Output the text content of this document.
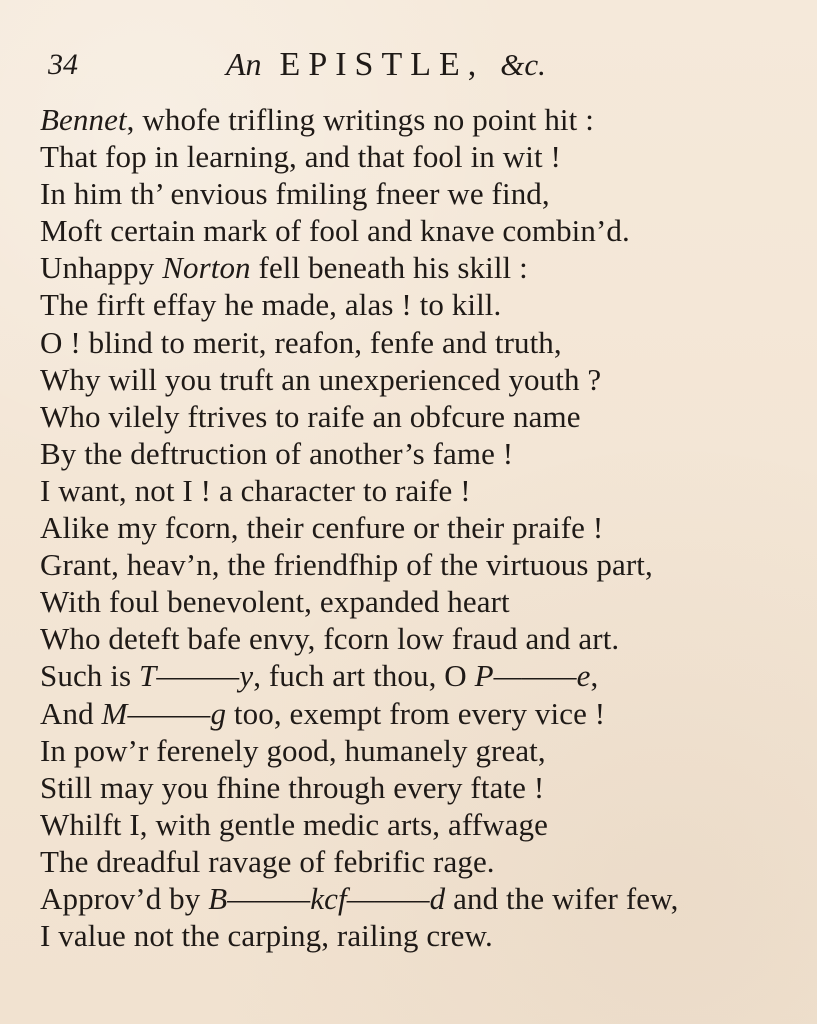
34	An EPISTLE, &c.
Bennet, whofe trifling writings no point hit :
That fop in learning, and that fool in wit !
In him th’ envious fmiling fneer we find,
Moft certain mark of fool and knave combin’d.
Unhappy Norton fell beneath his skill :
The firft effay he made, alas ! to kill.
O ! blind to merit, reafon, fenfe and truth,
Why will you truft an unexperienced youth ?
Who vilely ftrives to raife an obfcure name
By the deftruction of another’s fame !
I want, not I ! a character to raife !
Alike my fcorn, their cenfure or their praife !
Grant, heav’n, the friendfhip of the virtuous part,
With foul benevolent, expanded heart
Who deteft bafe envy, fcorn low fraud and art.
Such is T———y, fuch art thou, O P———e,
And M———g too, exempt from every vice !
In pow’r ferenely good, humanely great,
Still may you fhine through every ftate !
Whilft I, with gentle medic arts, affwage
The dreadful ravage of febrific rage.
Approv’d by B———kcf———d and the wifer few,
I value not the carping, railing crew.
